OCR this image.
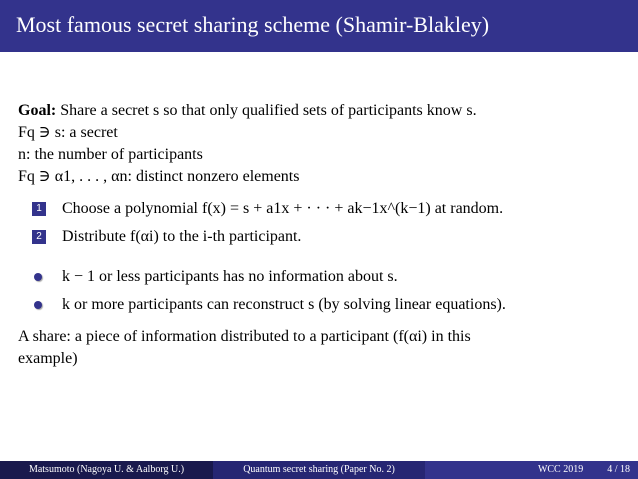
Most famous secret sharing scheme (Shamir-Blakley)
Goal: Share a secret s so that only qualified sets of participants know s.
Fq ∋ s: a secret
n: the number of participants
Fq ∋ α1, . . . , αn: distinct nonzero elements
1 Choose a polynomial f(x) = s + a1x + · · · + ak−1x^(k−1) at random.
2 Distribute f(αi) to the i-th participant.
k − 1 or less participants has no information about s.
k or more participants can reconstruct s (by solving linear equations).
A share: a piece of information distributed to a participant (f(αi) in this
example)
Matsumoto (Nagoya U. & Aalborg U.)	Quantum secret sharing (Paper No. 2)	WCC 2019 4 / 18
